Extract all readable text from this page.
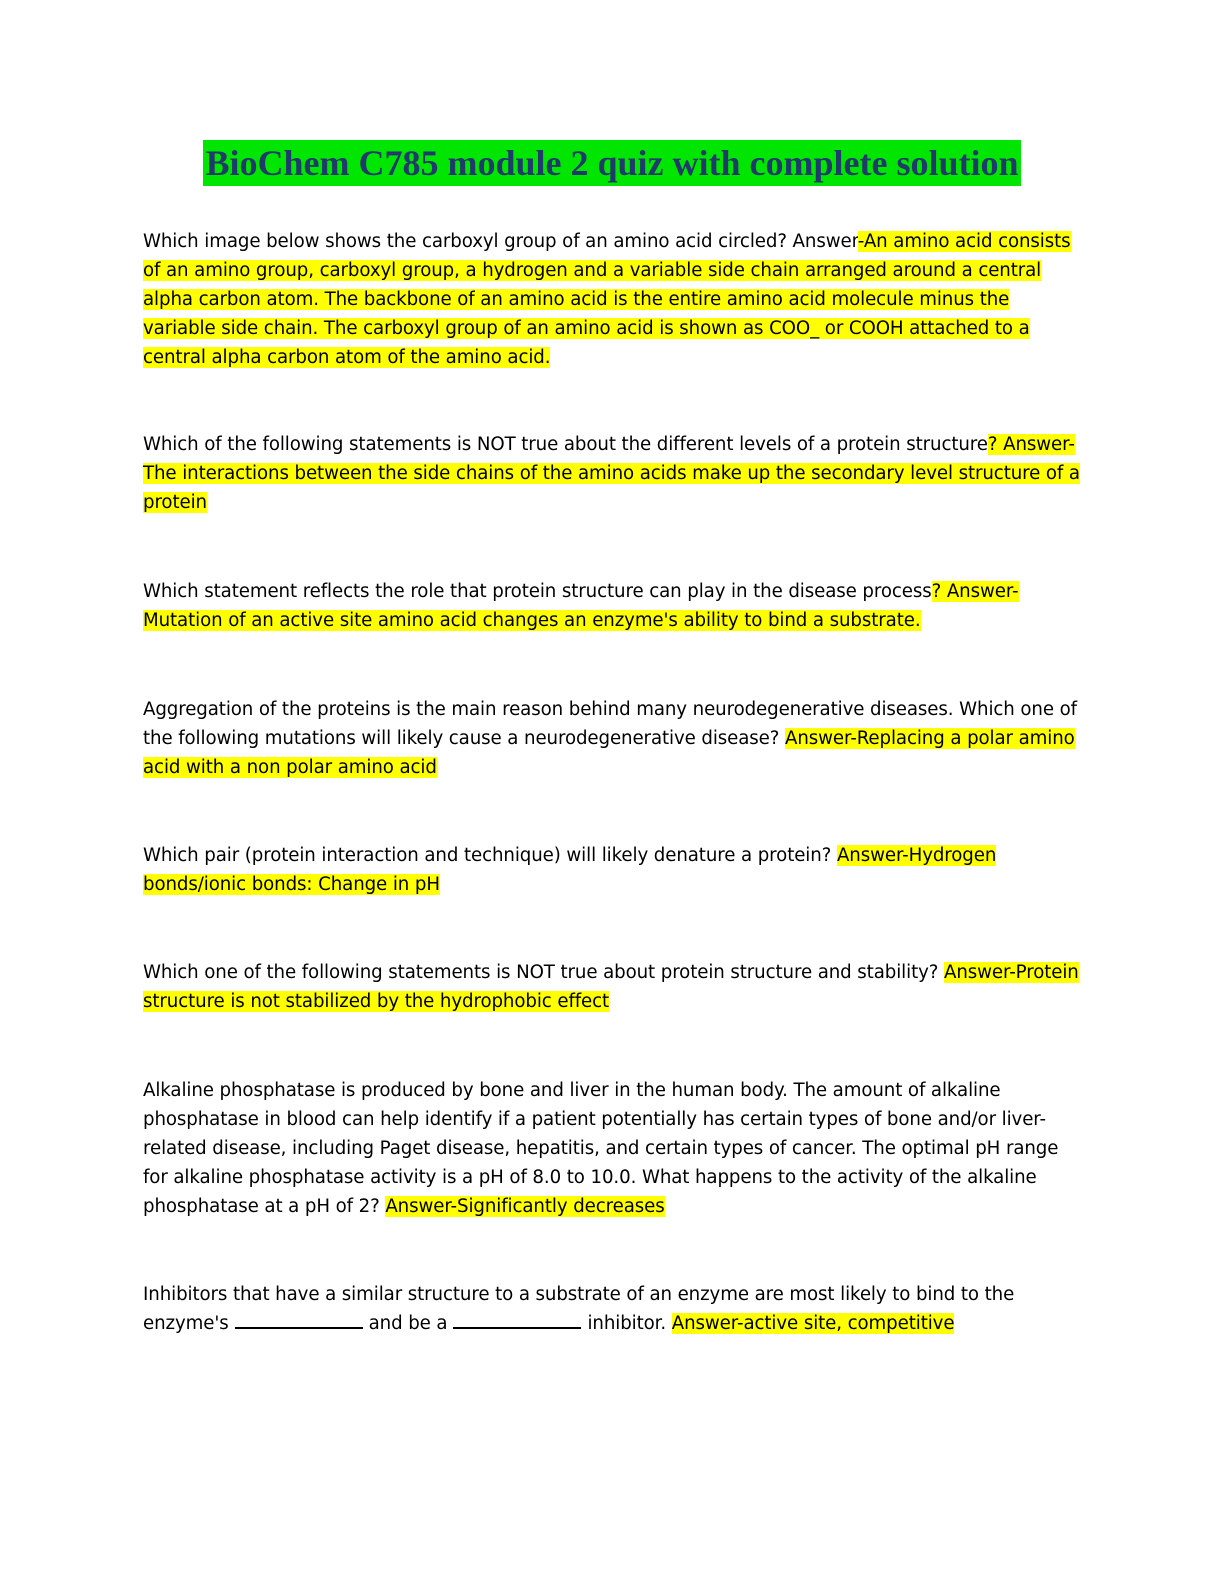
BioChem C785 module 2 quiz with complete solution
Which image below shows the carboxyl group of an amino acid circled? Answer-An amino acid consists of an amino group, carboxyl group, a hydrogen and a variable side chain arranged around a central alpha carbon atom. The backbone of an amino acid is the entire amino acid molecule minus the variable side chain. The carboxyl group of an amino acid is shown as COO_ or COOH attached to a central alpha carbon atom of the amino acid.
Which of the following statements is NOT true about the different levels of a protein structure? Answer-The interactions between the side chains of the amino acids make up the secondary level structure of a protein
Which statement reflects the role that protein structure can play in the disease process? Answer-Mutation of an active site amino acid changes an enzyme's ability to bind a substrate.
Aggregation of the proteins is the main reason behind many neurodegenerative diseases. Which one of the following mutations will likely cause a neurodegenerative disease? Answer-Replacing a polar amino acid with a non polar amino acid
Which pair (protein interaction and technique) will likely denature a protein? Answer-Hydrogen bonds/ionic bonds: Change in pH
Which one of the following statements is NOT true about protein structure and stability? Answer-Protein structure is not stabilized by the hydrophobic effect
Alkaline phosphatase is produced by bone and liver in the human body. The amount of alkaline phosphatase in blood can help identify if a patient potentially has certain types of bone and/or liver-related disease, including Paget disease, hepatitis, and certain types of cancer. The optimal pH range for alkaline phosphatase activity is a pH of 8.0 to 10.0. What happens to the activity of the alkaline phosphatase at a pH of 2? Answer-Significantly decreases
Inhibitors that have a similar structure to a substrate of an enzyme are most likely to bind to the enzyme's	and be a	inhibitor. Answer-active site, competitive
